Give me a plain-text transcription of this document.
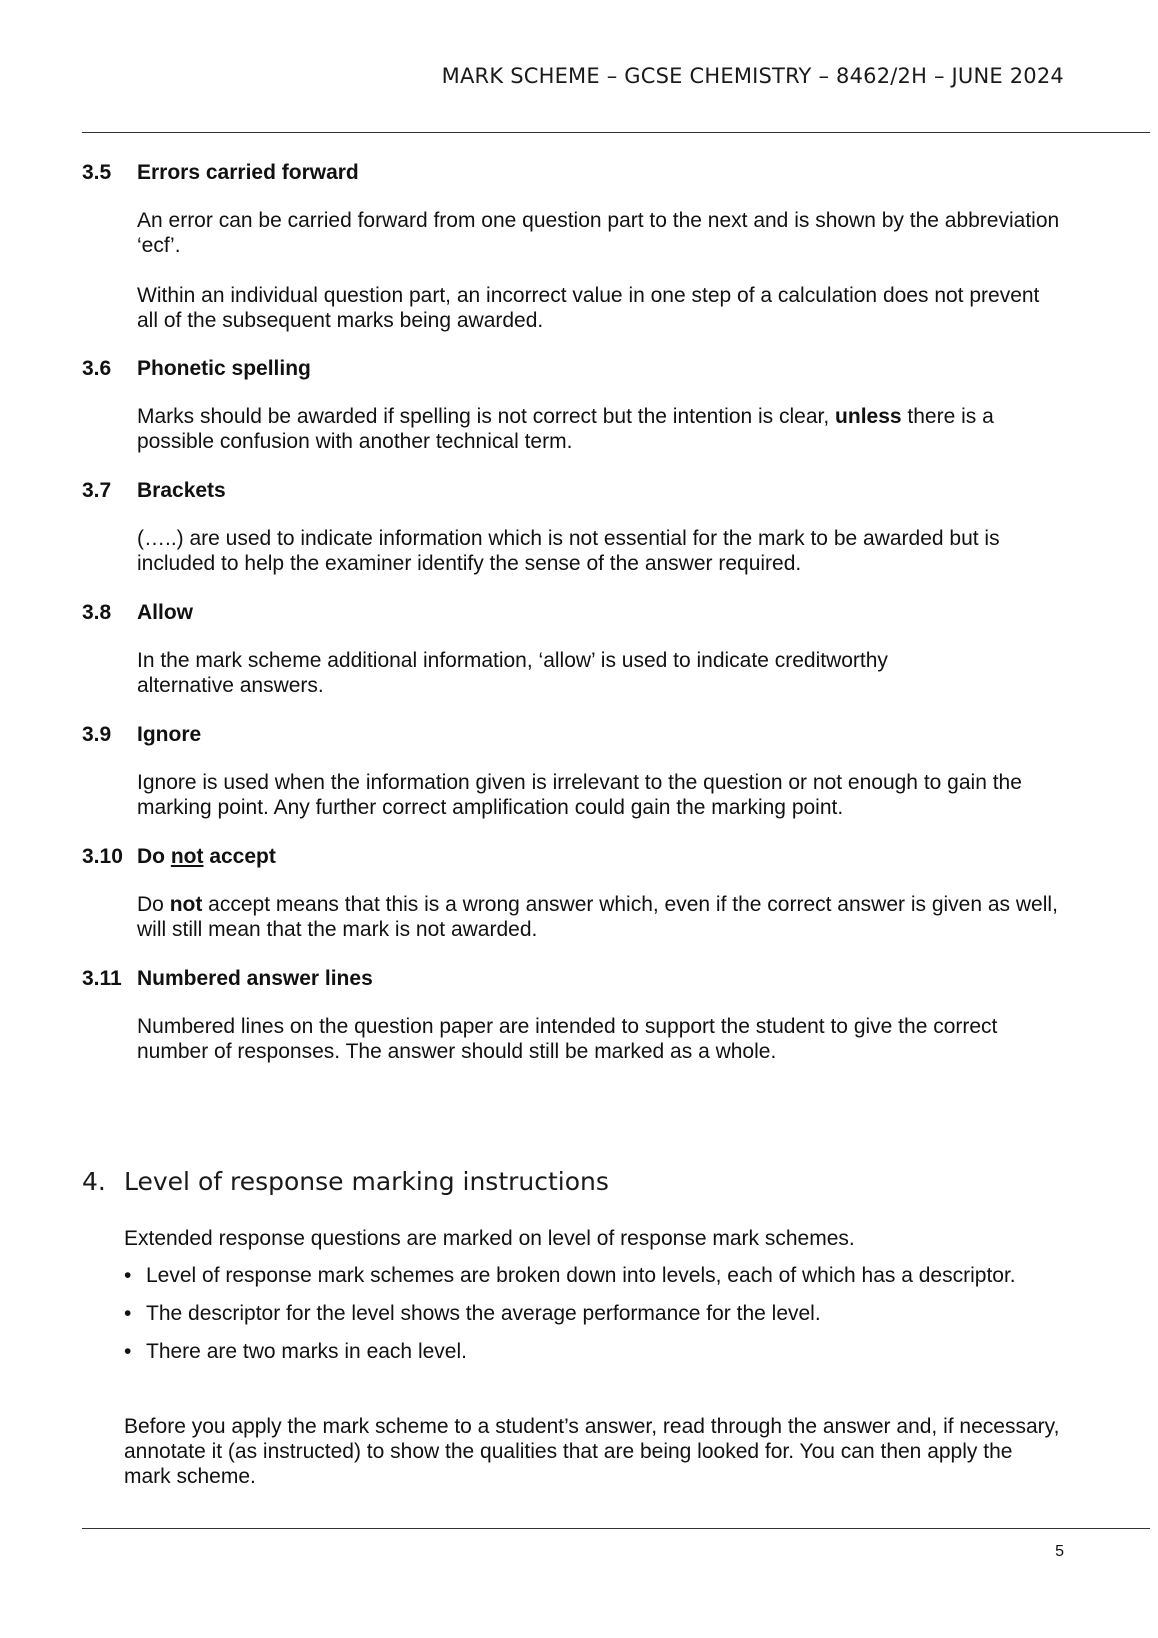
MARK SCHEME – GCSE CHEMISTRY – 8462/2H – JUNE 2024
3.5 Errors carried forward

An error can be carried forward from one question part to the next and is shown by the abbreviation ‘ecf’.

Within an individual question part, an incorrect value in one step of a calculation does not prevent all of the subsequent marks being awarded.

3.6 Phonetic spelling

Marks should be awarded if spelling is not correct but the intention is clear, unless there is a possible confusion with another technical term.

3.7 Brackets

(…..) are used to indicate information which is not essential for the mark to be awarded but is included to help the examiner identify the sense of the answer required.

3.8 Allow

In the mark scheme additional information, ‘allow’ is used to indicate creditworthy
alternative answers.

3.9 Ignore

Ignore is used when the information given is irrelevant to the question or not enough to gain the marking point. Any further correct amplification could gain the marking point.

3.10 Do not accept

Do not accept means that this is a wrong answer which, even if the correct answer is given as well, will still mean that the mark is not awarded.

3.11 Numbered answer lines

Numbered lines on the question paper are intended to support the student to give the correct number of responses. The answer should still be marked as a whole.

4. Level of response marking instructions
Extended response questions are marked on level of response mark schemes.
• Level of response mark schemes are broken down into levels, each of which has a descriptor.
• The descriptor for the level shows the average performance for the level.
• There are two marks in each level.
Before you apply the mark scheme to a student’s answer, read through the answer and, if necessary, annotate it (as instructed) to show the qualities that are being looked for. You can then apply the mark scheme.
5
